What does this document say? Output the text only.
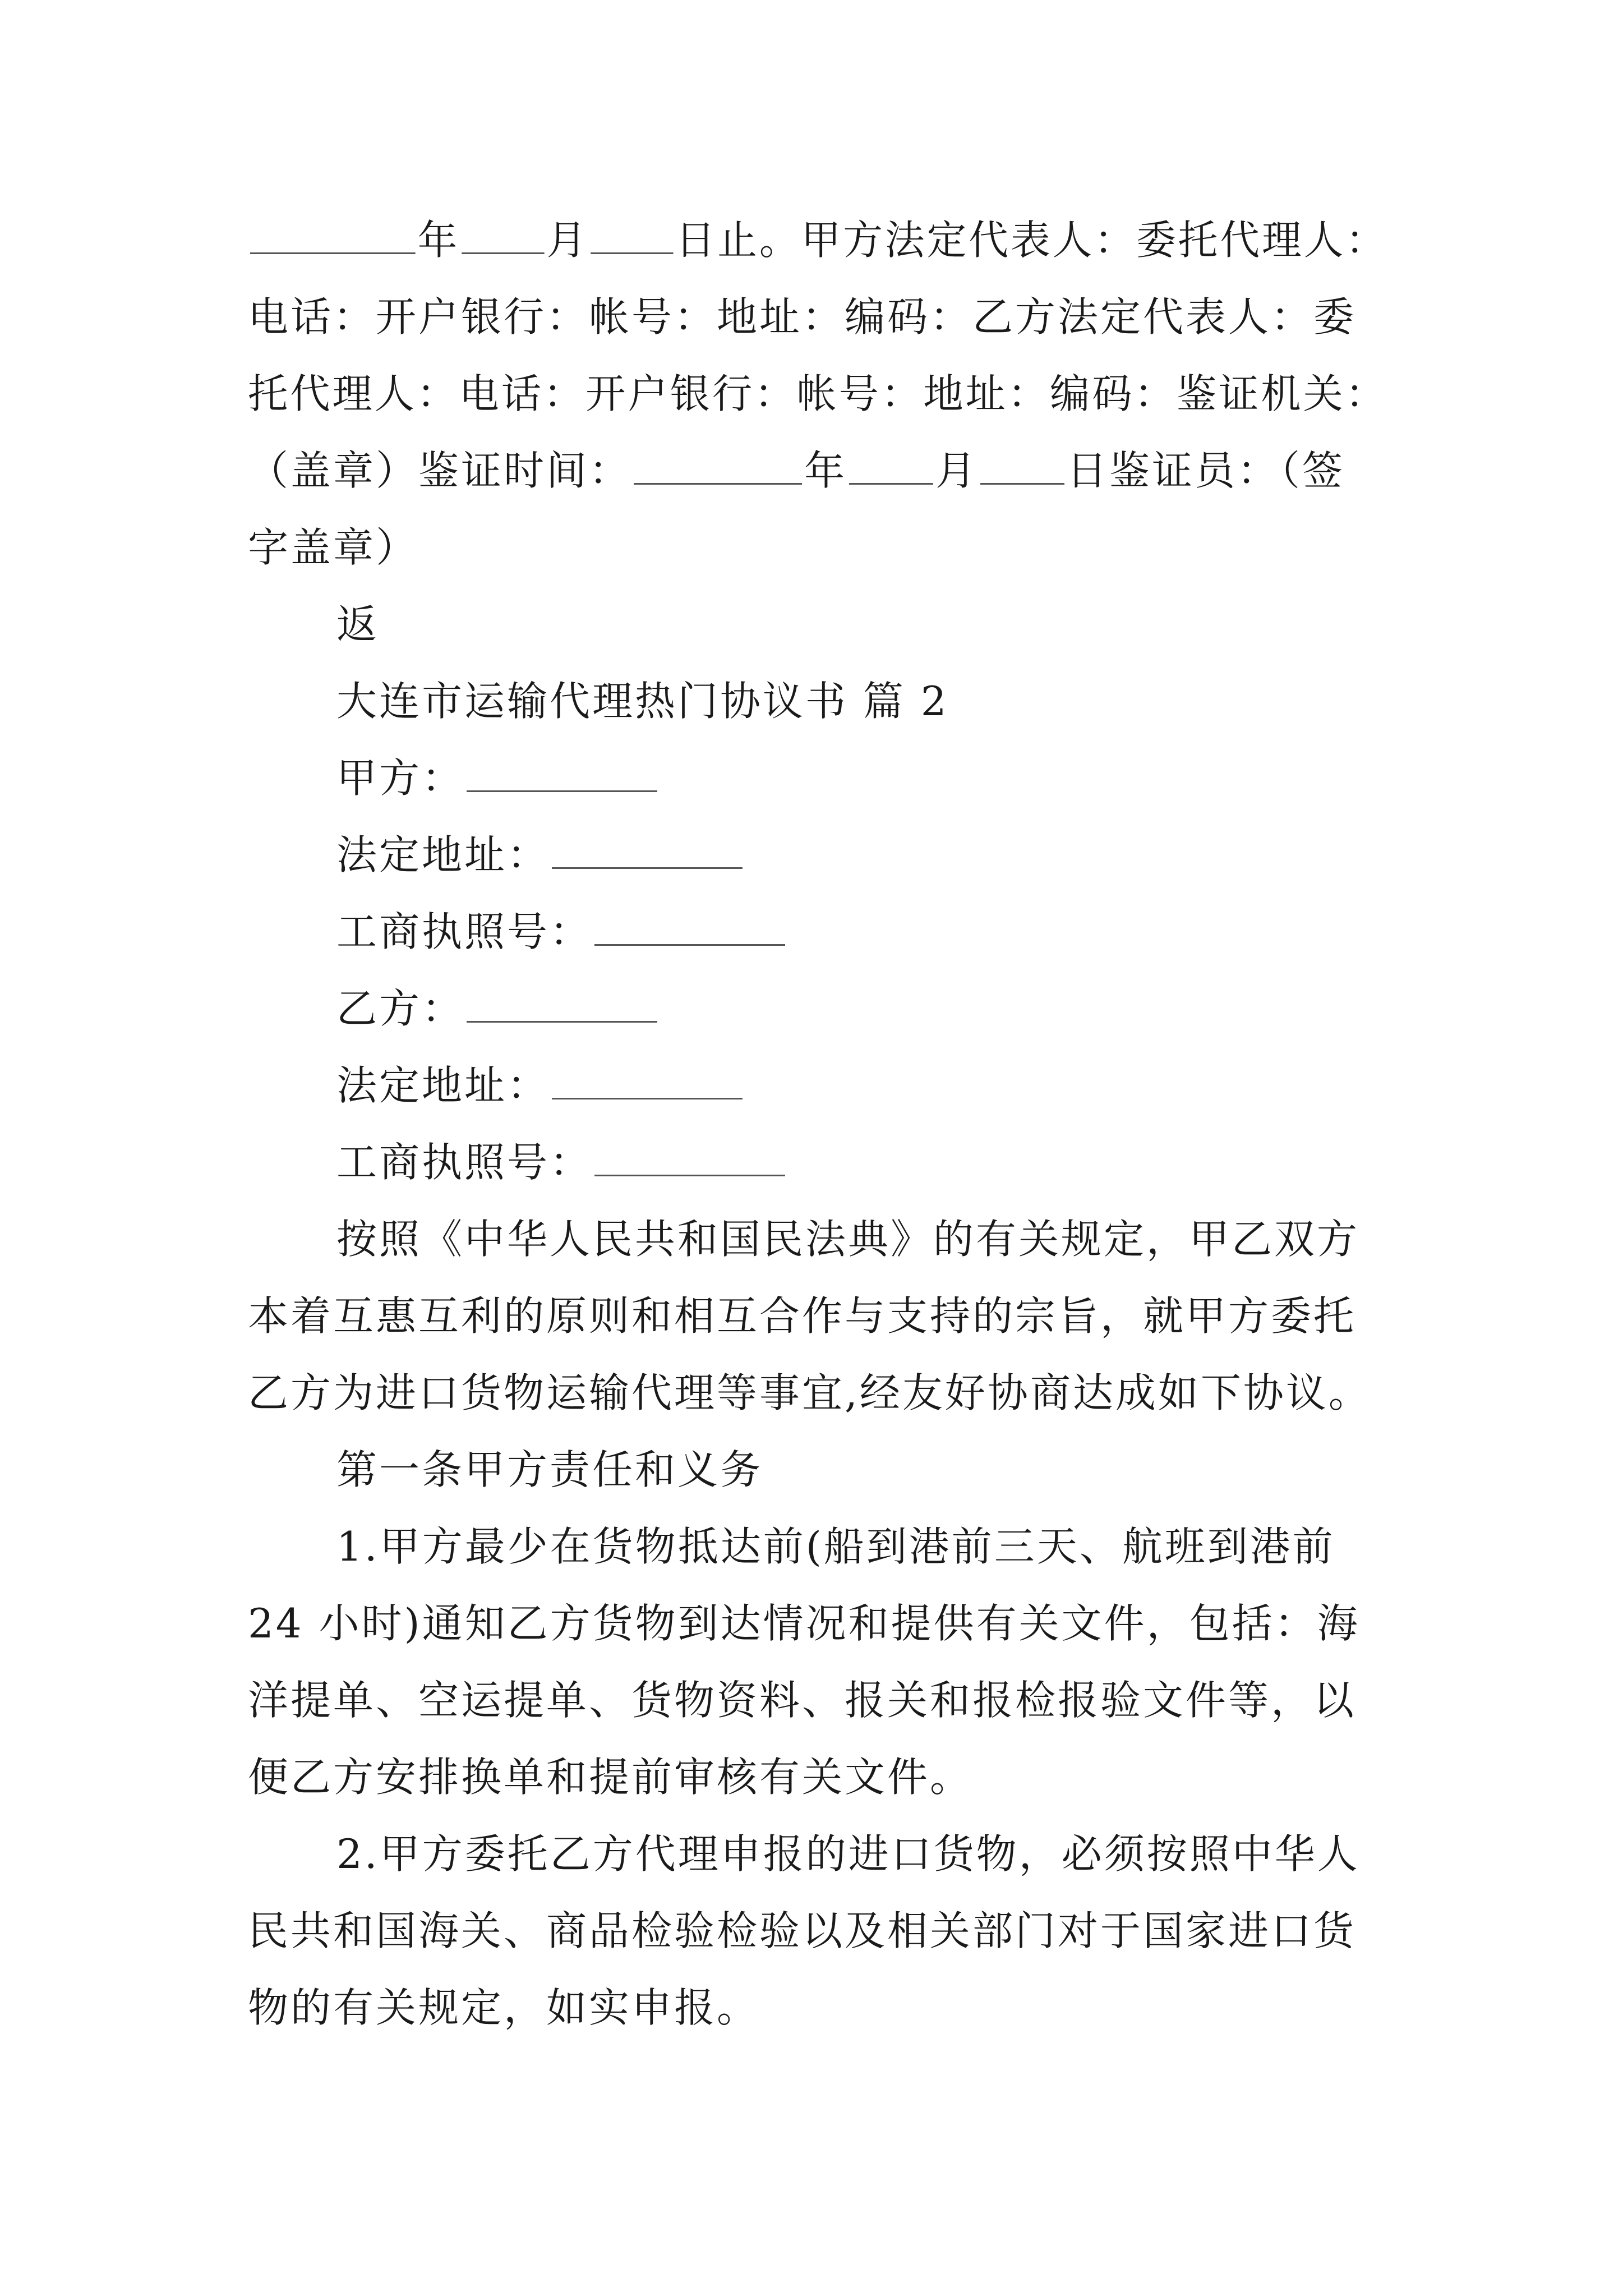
年 月 日止。甲方法定代表人：委托代理人：
电话：开户银行：帐号：地址：编码：乙方法定代表人：委
托代理人：电话：开户银行：帐号：地址：编码：鉴证机关：
（盖章）鉴证时间：	年 月 日鉴证员：（签
字盖章）
返
大连市运输代理热门协议书 篇 2
甲方：
法定地址：
工商执照号：
乙方：
法定地址：
工商执照号：
按照《中华人民共和国民法典》的有关规定，甲乙双方
本着互惠互利的原则和相互合作与支持的宗旨，就甲方委托
乙方为进口货物运输代理等事宜,经友好协商达成如下协议。
第一条甲方责任和义务
1.甲方最少在货物抵达前(船到港前三天、航班到港前
24 小时)通知乙方货物到达情况和提供有关文件，包括：海
洋提单、空运提单、货物资料、报关和报检报验文件等，以
便乙方安排换单和提前审核有关文件。
2.甲方委托乙方代理申报的进口货物，必须按照中华人
民共和国海关、商品检验检验以及相关部门对于国家进口货
物的有关规定，如实申报。
